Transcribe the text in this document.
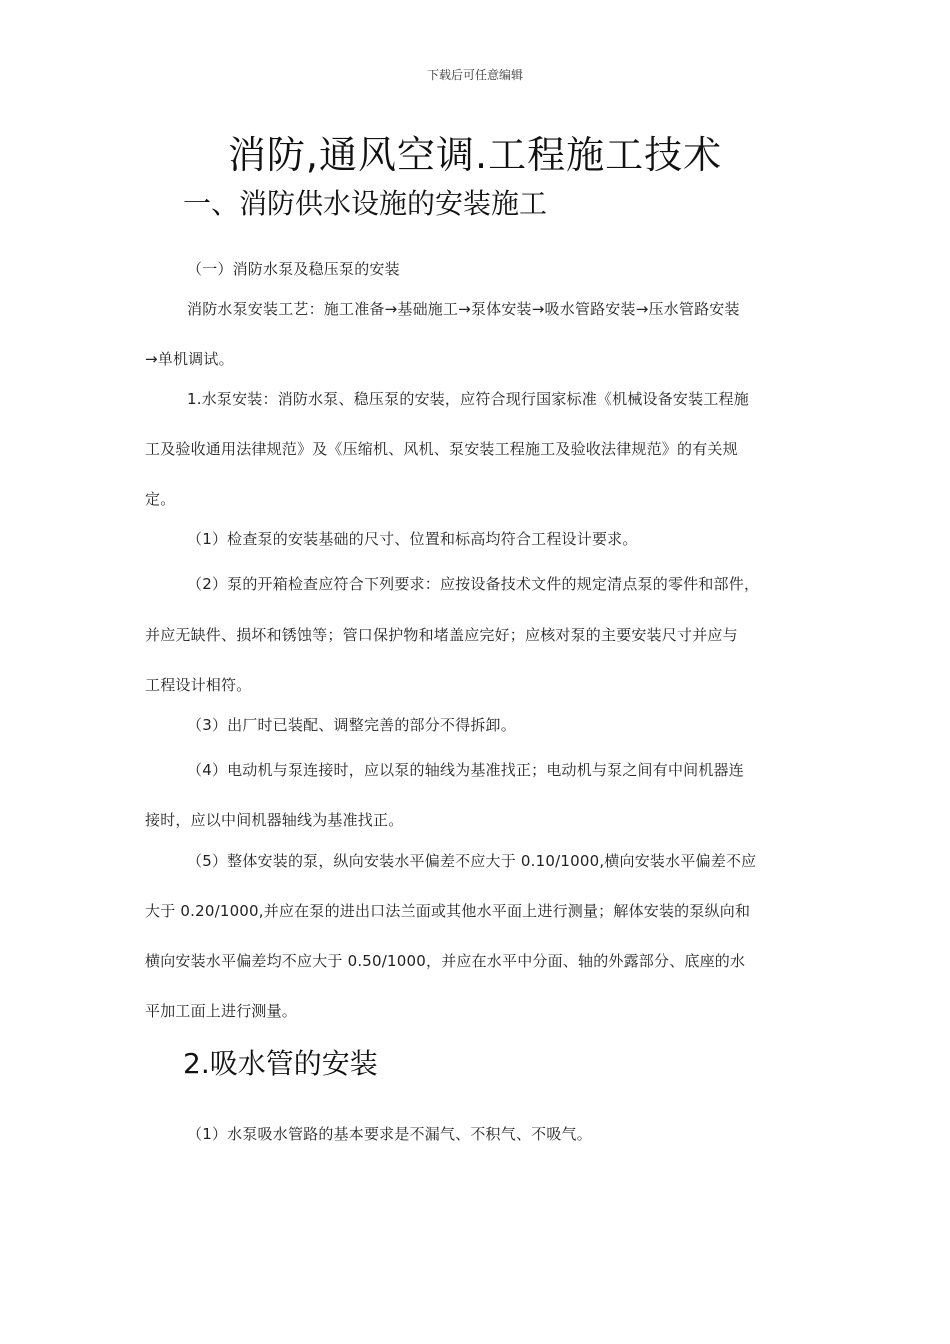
下载后可任意编辑
消防,通风空调.工程施工技术
一、消防供水设施的安装施工
（一）消防水泵及稳压泵的安装
消防水泵安装工艺：施工准备→基础施工→泵体安装→吸水管路安装→压水管路安装
→单机调试。
1.水泵安装：消防水泵、稳压泵的安装，应符合现行国家标准《机械设备安装工程施
工及验收通用法律规范》及《压缩机、风机、泵安装工程施工及验收法律规范》的有关规
定。
（1）检查泵的安装基础的尺寸、位置和标高均符合工程设计要求。
（2）泵的开箱检查应符合下列要求：应按设备技术文件的规定清点泵的零件和部件，
并应无缺件、损坏和锈蚀等；管口保护物和堵盖应完好；应核对泵的主要安装尺寸并应与
工程设计相符。
（3）出厂时已装配、调整完善的部分不得拆卸。
（4）电动机与泵连接时，应以泵的轴线为基准找正；电动机与泵之间有中间机器连
接时，应以中间机器轴线为基准找正。
（5）整体安装的泵，纵向安装水平偏差不应大于 0.10/1000,横向安装水平偏差不应
大于 0.20/1000,并应在泵的进出口法兰面或其他水平面上进行测量；解体安装的泵纵向和
横向安装水平偏差均不应大于 0.50/1000，并应在水平中分面、轴的外露部分、底座的水
平加工面上进行测量。
2.吸水管的安装
（1）水泵吸水管路的基本要求是不漏气、不积气、不吸气。
